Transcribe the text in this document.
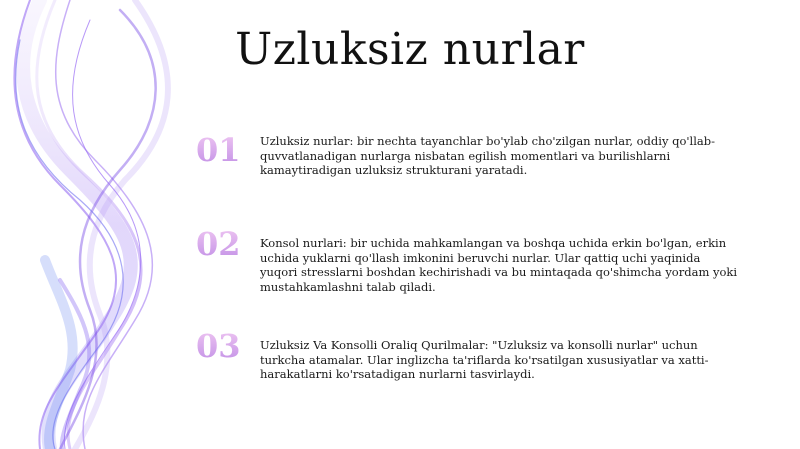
Uzluksiz nurlar
01 Uzluksiz nurlar: bir nechta tayanchlar bo'ylab cho'zilgan nurlar, oddiy qo'llab-quvvatlanadigan nurlarga nisbatan egilish momentlari va burilishlarni kamaytiradigan uzluksiz strukturani yaratadi.
02 Konsol nurlari: bir uchida mahkamlangan va boshqa uchida erkin bo'lgan, erkin uchida yuklarni qo'llash imkonini beruvchi nurlar. Ular qattiq uchi yaqinida yuqori stresslarni boshdan kechirishadi va bu mintaqada qo'shimcha yordam yoki mustahkamlashni talab qiladi.
03 Uzluksiz Va Konsolli Oraliq Qurilmalar: "Uzluksiz va konsolli nurlar" uchun turkcha atamalar. Ular inglizcha ta'riflarda ko'rsatilgan xususiyatlar va xatti-harakatlarni ko'rsatadigan nurlarni tasvirlaydi.
